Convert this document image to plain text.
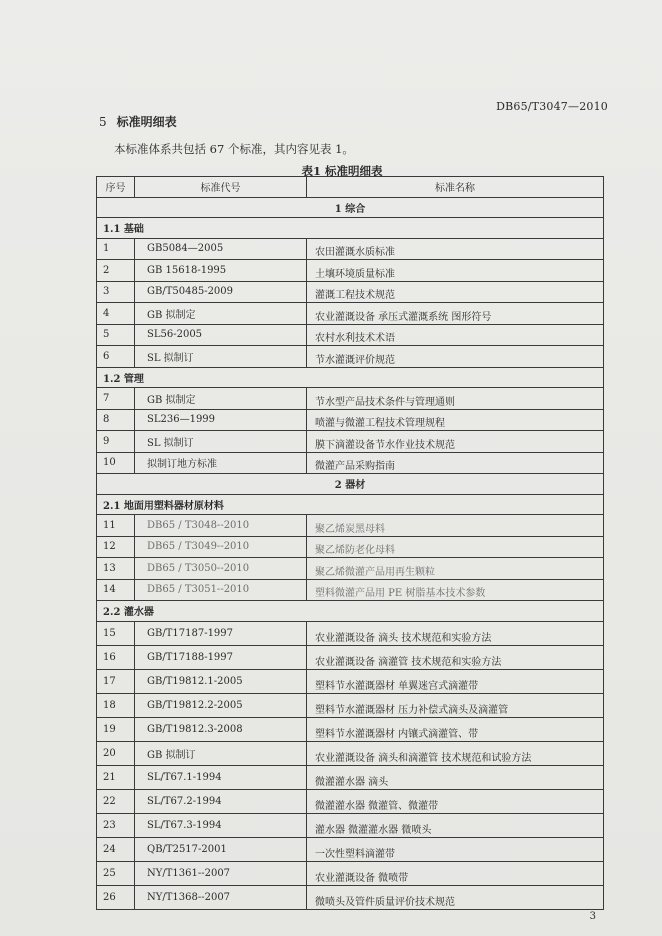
DB65/T3047—2010
5 标准明细表
本标准体系共包括 67 个标准，其内容见表 1。
表1 标准明细表
序号	标准代号	标准名称
1 综合		
1.1 基础		
1	GB5084—2005	农田灌溉水质标准
2	GB 15618-1995	土壤环境质量标准
3	GB/T50485-2009	灌溉工程技术规范
4	GB 拟制定	农业灌溉设备 承压式灌溉系统 图形符号
5	SL56-2005	农村水利技术术语
6	SL 拟制订	节水灌溉评价规范
1.2 管理		
7	GB 拟制定	节水型产品技术条件与管理通则
8	SL236—1999	喷灌与微灌工程技术管理规程
9	SL 拟制订	膜下滴灌设备节水作业技术规范
10	拟制订地方标准	微灌产品采购指南
2 器材		
2.1 地面用塑料器材原材料		
11	DB65 / T3048--2010	聚乙烯炭黑母料
12	DB65 / T3049--2010	聚乙烯防老化母料
13	DB65 / T3050--2010	聚乙烯微灌产品用再生颗粒
14	DB65 / T3051--2010	塑料微灌产品用 PE 树脂基本技术参数
2.2 灌水器		
15	GB/T17187-1997	农业灌溉设备 滴头 技术规范和实验方法
16	GB/T17188-1997	农业灌溉设备 滴灌管 技术规范和实验方法
17	GB/T19812.1-2005	塑料节水灌溉器材 单翼迷宫式滴灌带
18	GB/T19812.2-2005	塑料节水灌溉器材 压力补偿式滴头及滴灌管
19	GB/T19812.3-2008	塑料节水灌溉器材 内镶式滴灌管、带
20	GB 拟制订	农业灌溉设备 滴头和滴灌管 技术规范和试验方法
21	SL/T67.1-1994	微灌灌水器 滴头
22	SL/T67.2-1994	微灌灌水器 微灌管、微灌带
23	SL/T67.3-1994	灌水器 微灌灌水器 微喷头
24	QB/T2517-2001	一次性塑料滴灌带
25	NY/T1361--2007	农业灌溉设备 微喷带
26	NY/T1368--2007	微喷头及管件质量评价技术规范
3
